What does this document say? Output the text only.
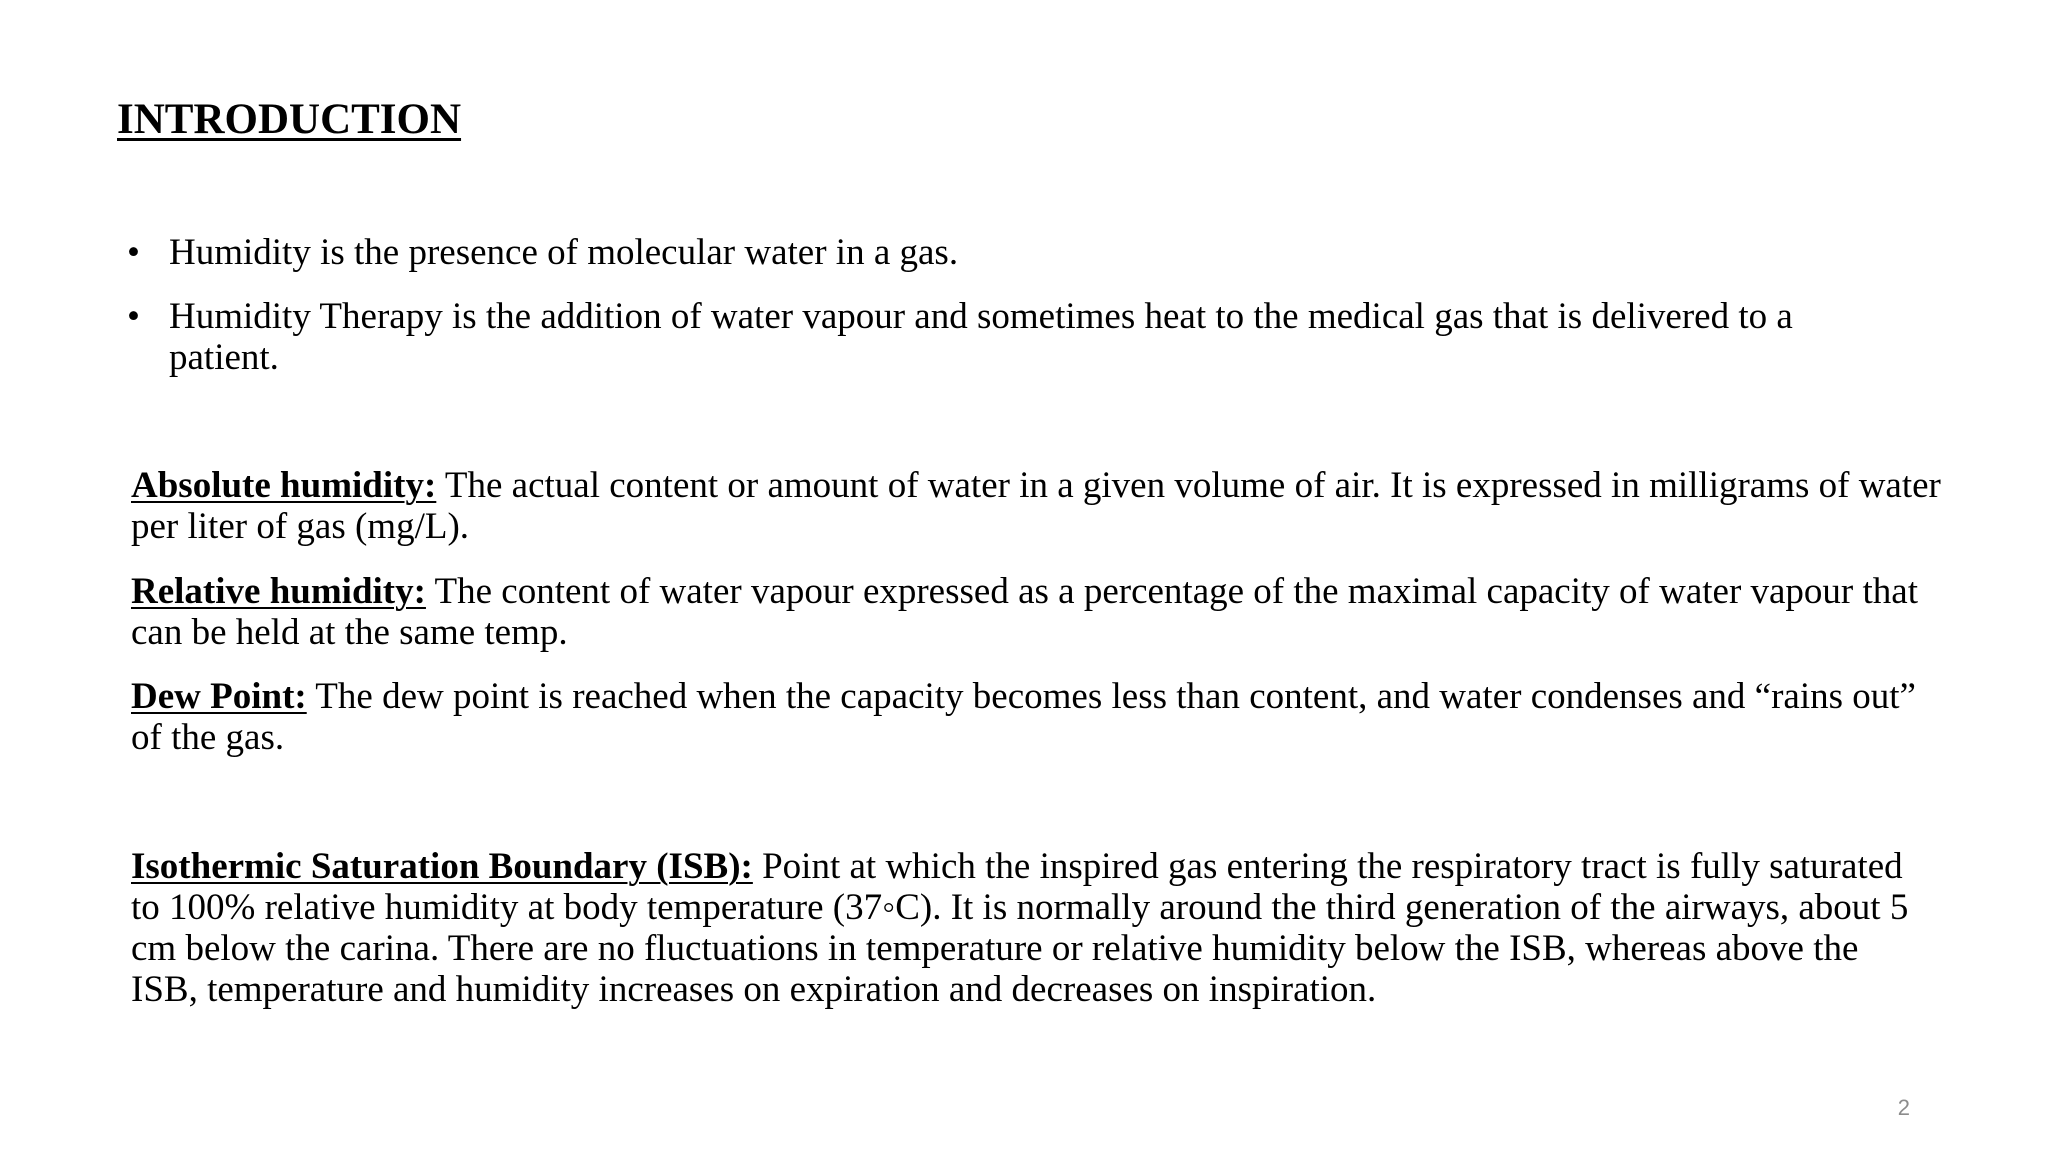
INTRODUCTION
• Humidity is the presence of molecular water in a gas.
• Humidity Therapy is the addition of water vapour and sometimes heat to the medical gas that is delivered to a patient.

Absolute humidity: The actual content or amount of water in a given volume of air. It is expressed in milligrams of water per liter of gas (mg/L).

Relative humidity: The content of water vapour expressed as a percentage of the maximal capacity of water vapour that can be held at the same temp.

Dew Point: The dew point is reached when the capacity becomes less than content, and water condenses and “rains out” of the gas.

Isothermic Saturation Boundary (ISB): Point at which the inspired gas entering the respiratory tract is fully saturated to 100% relative humidity at body temperature (37◦C). It is normally around the third generation of the airways, about 5 cm below the carina. There are no fluctuations in temperature or relative humidity below the ISB, whereas above the ISB, temperature and humidity increases on expiration and decreases on inspiration.

2
